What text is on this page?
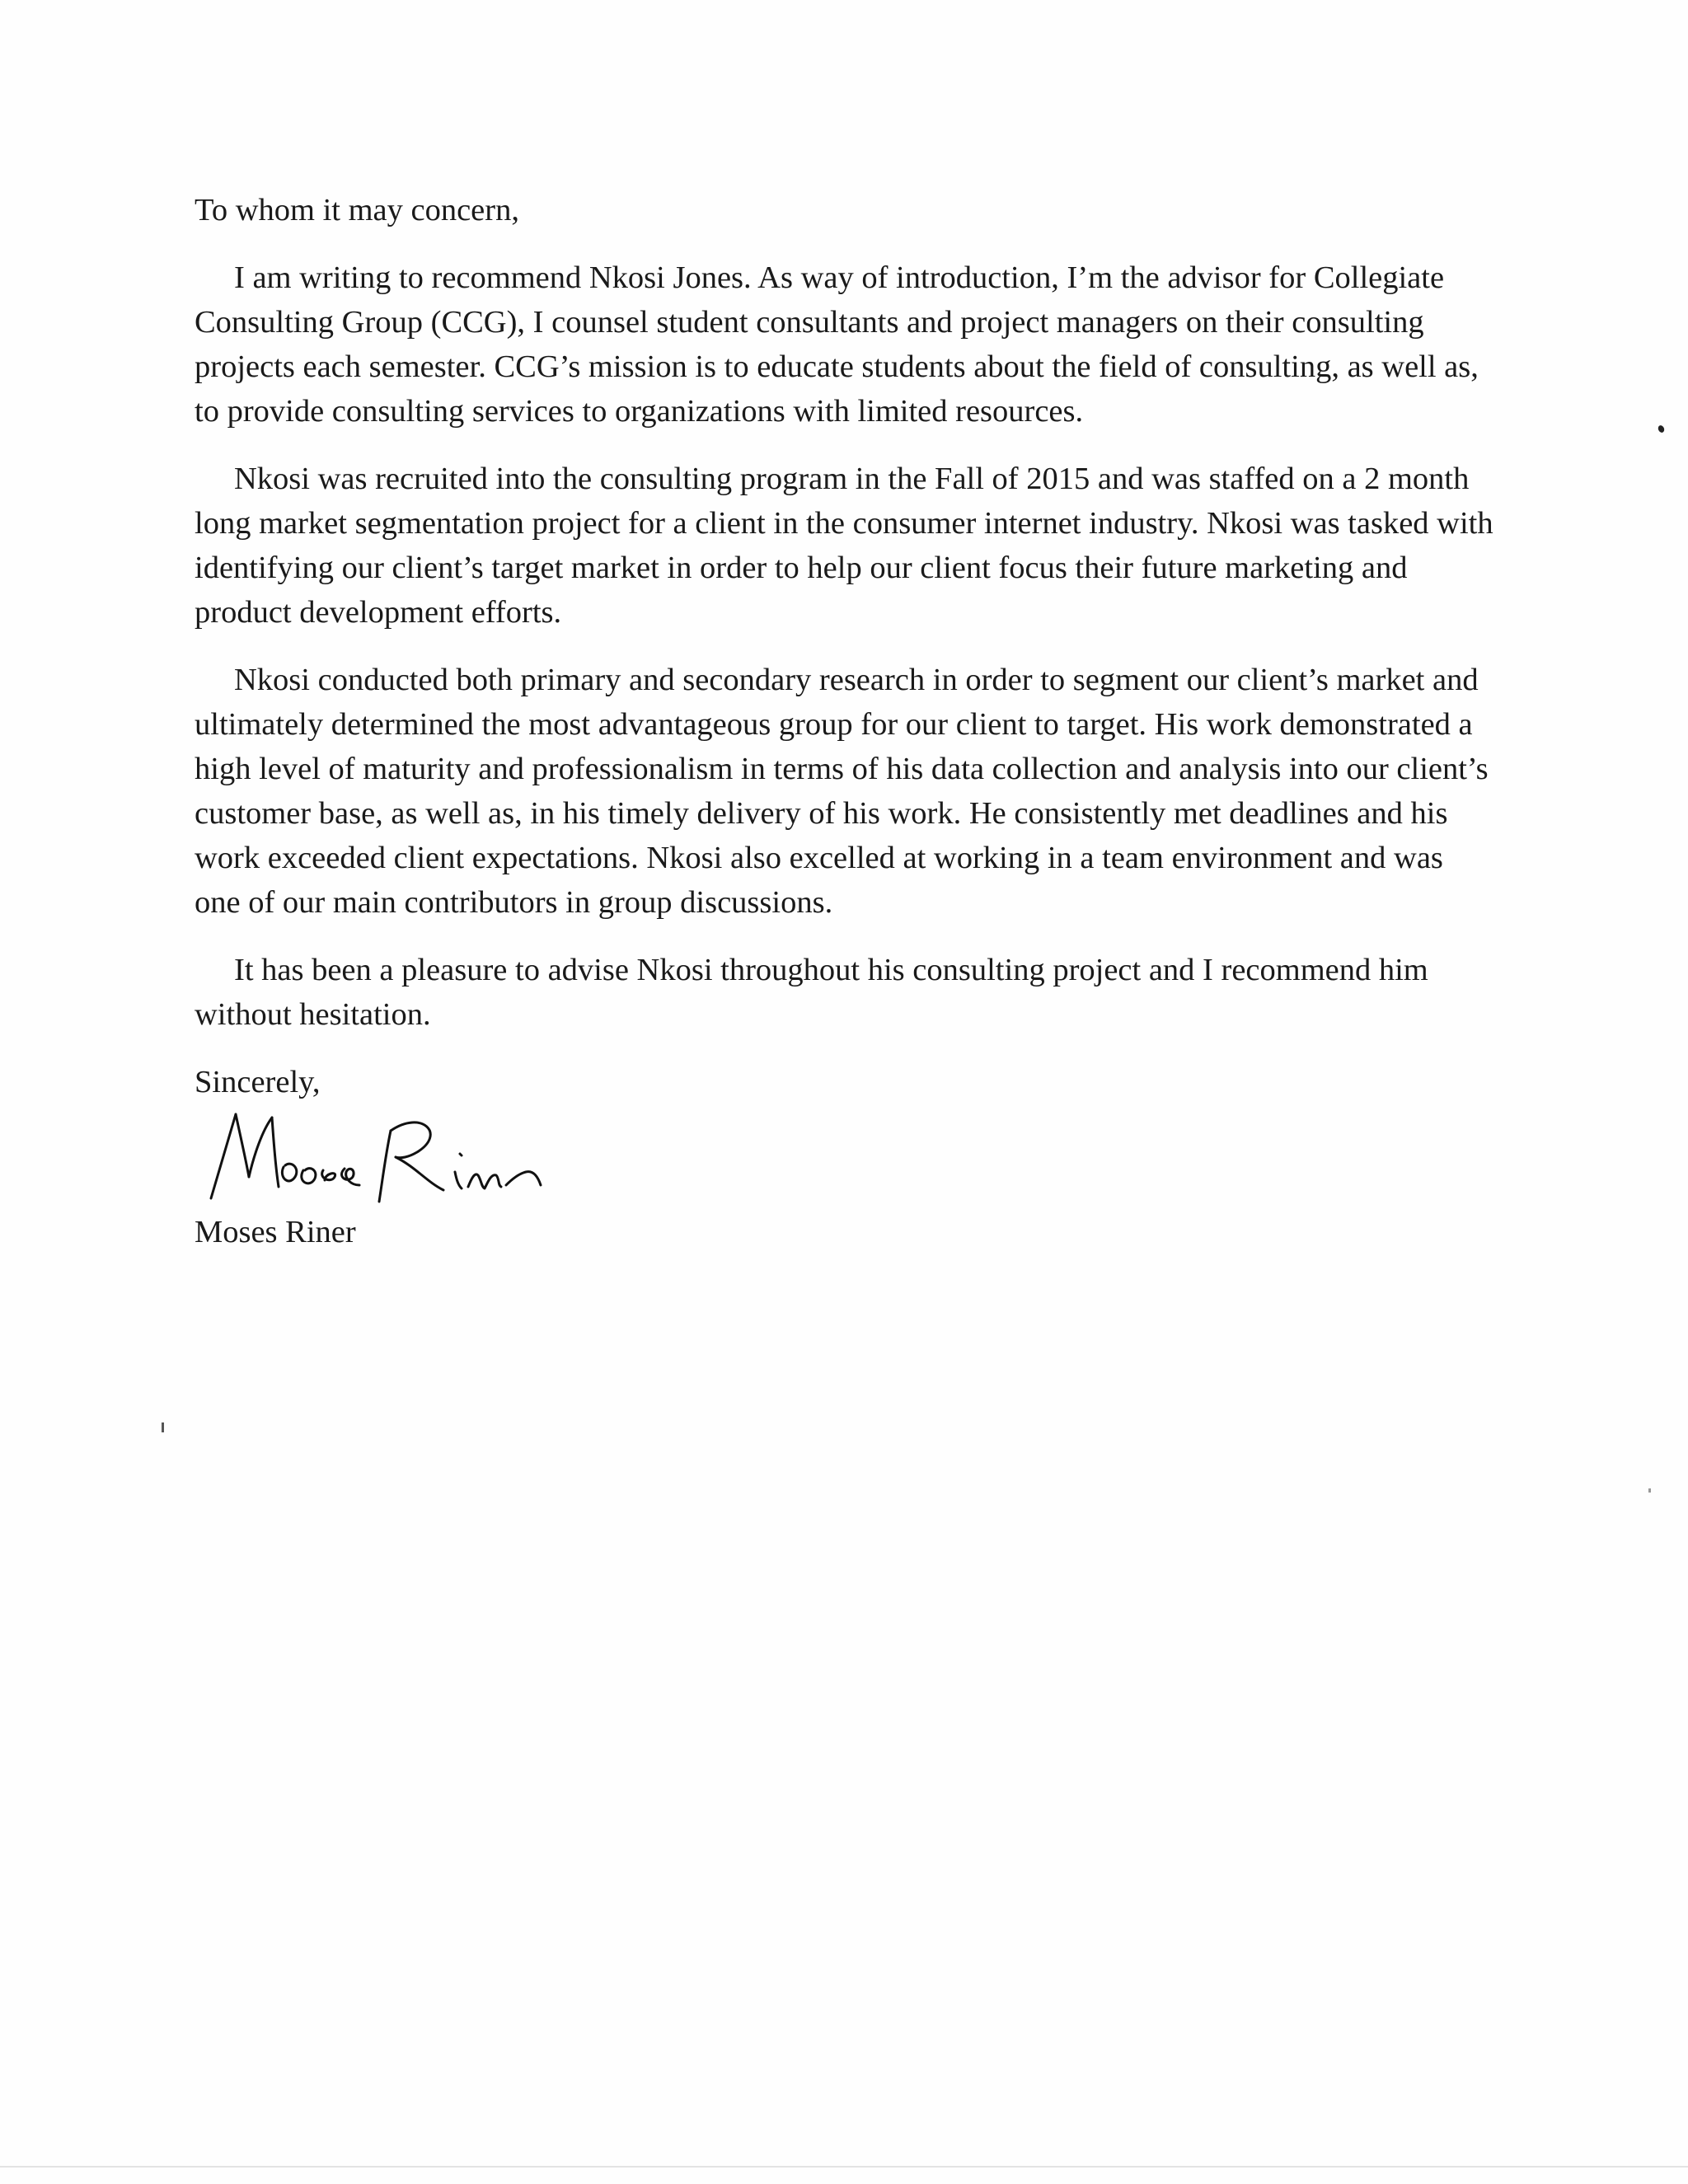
To whom it may concern,

I am writing to recommend Nkosi Jones. As way of introduction, I’m the advisor for Collegiate Consulting Group (CCG), I counsel student consultants and project managers on their consulting projects each semester. CCG’s mission is to educate students about the field of consulting, as well as, to provide consulting services to organizations with limited resources.

Nkosi was recruited into the consulting program in the Fall of 2015 and was staffed on a 2 month long market segmentation project for a client in the consumer internet industry. Nkosi was tasked with identifying our client’s target market in order to help our client focus their future marketing and product development efforts.

Nkosi conducted both primary and secondary research in order to segment our client’s market and ultimately determined the most advantageous group for our client to target. His work demonstrated a high level of maturity and professionalism in terms of his data collection and analysis into our client’s customer base, as well as, in his timely delivery of his work. He consistently met deadlines and his work exceeded client expectations. Nkosi also excelled at working in a team environment and was one of our main contributors in group discussions.

It has been a pleasure to advise Nkosi throughout his consulting project and I recommend him without hesitation.

Sincerely,

Moses Riner
